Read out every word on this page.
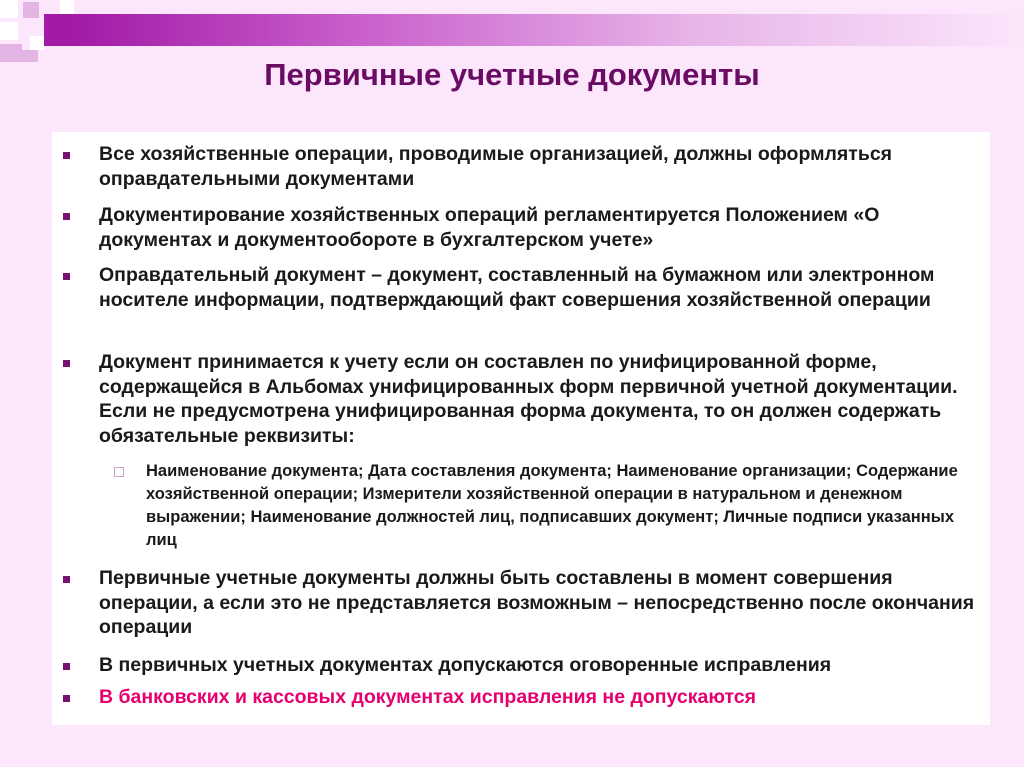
Первичные учетные документы
Все хозяйственные операции, проводимые организацией, должны оформляться оправдательными документами
Документирование хозяйственных операций регламентируется Положением «О документах и документообороте в бухгалтерском учете»
Оправдательный документ – документ, составленный на бумажном или электронном носителе информации, подтверждающий факт совершения хозяйственной операции
Документ принимается к учету если он составлен по унифицированной форме, содержащейся в Альбомах унифицированных форм первичной учетной документации. Если не предусмотрена унифицированная форма документа, то он должен содержать обязательные реквизиты:
Наименование документа; Дата составления документа; Наименование организации; Содержание хозяйственной операции; Измерители хозяйственной операции в натуральном и денежном выражении; Наименование должностей лиц, подписавших документ; Личные подписи указанных лиц
Первичные учетные документы должны быть составлены в момент совершения операции, а если это не представляется возможным – непосредственно после окончания операции
В первичных учетных документах допускаются оговоренные исправления
В банковских и кассовых документах исправления не допускаются
